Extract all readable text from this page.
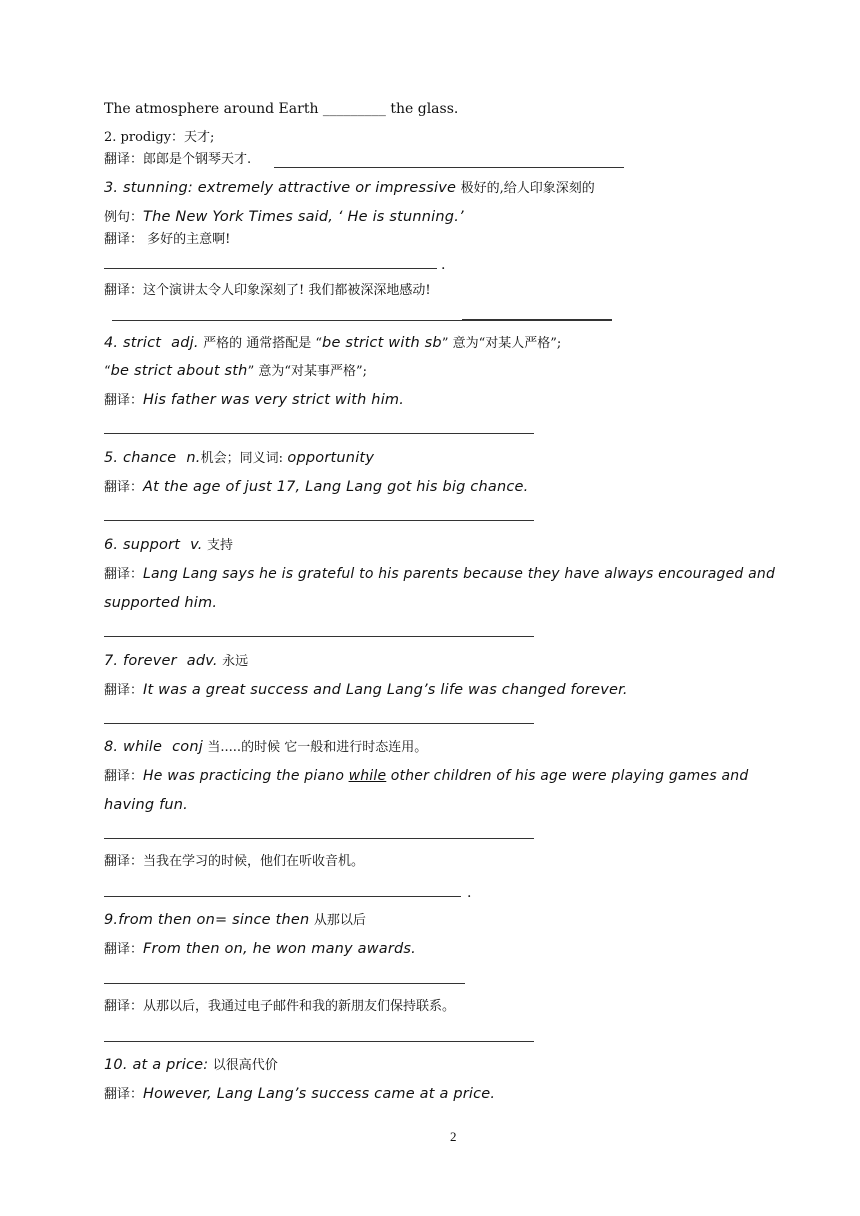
The atmosphere around Earth _________ the glass.
2. prodigy：天才;
翻译：郎郎是个钢琴天才.
3. stunning: extremely attractive or impressive 极好的,给人印象深刻的
例句：The New York Times said, ‘ He is stunning.’
翻译： 多好的主意啊!
.
翻译：这个演讲太令人印象深刻了! 我们都被深深地感动!
4. strict adj. 严格的 通常搭配是 “be strict with sb” 意为“对某人严格”;
“be strict about sth” 意为“对某事严格”;
翻译：His father was very strict with him.
5. chance n.机会；同义词: opportunity
翻译：At the age of just 17, Lang Lang got his big chance.
6. support v. 支持
翻译：Lang Lang says he is grateful to his parents because they have always encouraged and
supported him.
7. forever adv. 永远
翻译：It was a great success and Lang Lang’s life was changed forever.
8. while conj 当.....的时候 它一般和进行时态连用。
翻译：He was practicing the piano while other children of his age were playing games and
having fun.
翻译：当我在学习的时候，他们在听收音机。
.
9.from then on= since then 从那以后
翻译：From then on, he won many awards.
翻译：从那以后，我通过电子邮件和我的新朋友们保持联系。
10. at a price: 以很高代价
翻译：However, Lang Lang’s success came at a price.
2
